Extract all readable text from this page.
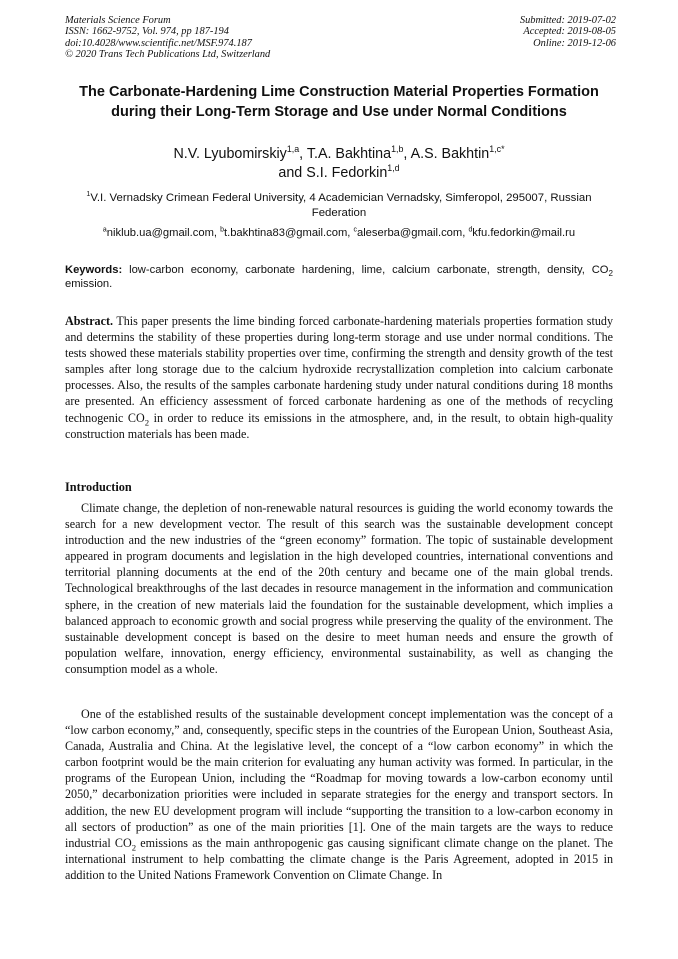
Materials Science Forum
ISSN: 1662-9752, Vol. 974, pp 187-194
doi:10.4028/www.scientific.net/MSF.974.187
© 2020 Trans Tech Publications Ltd, Switzerland
Submitted: 2019-07-02
Accepted: 2019-08-05
Online: 2019-12-06
The Carbonate-Hardening Lime Construction Material Properties Formation during their Long-Term Storage and Use under Normal Conditions
N.V. Lyubomirskiy$^{1,a}$, T.A. Bakhtina$^{1,b}$, A.S. Bakhtin$^{1,c*}$
and S.I. Fedorkin$^{1,d}$
$^1$V.I. Vernadsky Crimean Federal University, 4 Academician Vernadsky, Simferopol, 295007, Russian Federation
$^a$niklub.ua@gmail.com, $^b$t.bakhtina83@gmail.com, $^c$aleserba@gmail.com, $^d$kfu.fedorkin@mail.ru

Keywords: low-carbon economy, carbonate hardening, lime, calcium carbonate, strength, density, $CO_2$ emission.

Abstract. This paper presents the lime binding forced carbonate-hardening materials properties formation study and determins the stability of these properties during long-term storage and use under normal conditions. The tests showed these materials stability properties over time, confirming the strength and density growth of the test samples after long storage due to the calcium hydroxide recrystallization completion into calcium carbonate processes. Also, the results of the samples carbonate hardening study under natural conditions during 18 months are presented. An efficiency assessment of forced carbonate hardening as one of the methods of recycling technogenic $CO_2$ in order to reduce its emissions in the atmosphere, and, in the result, to obtain high-quality construction materials has been made.

Introduction

Climate change, the depletion of non-renewable natural resources is guiding the world economy towards the search for a new development vector. The result of this search was the sustainable development concept introduction and the new industries of the “green economy” formation. The topic of sustainable development appeared in program documents and legislation in the high developed countries, international conventions and territorial planning documents at the end of the 20th century and became one of the main global trends. Technological breakthroughs of the last decades in resource management in the information and communication sphere, in the creation of new materials laid the foundation for the sustainable development, which implies a balanced approach to economic growth and social progress while preserving the quality of the environment. The sustainable development concept is based on the desire to meet human needs and ensure the growth of population welfare, innovation, energy efficiency, environmental sustainability, as well as changing the consumption model as a whole.

One of the established results of the sustainable development concept implementation was the concept of a “low carbon economy,” and, consequently, specific steps in the countries of the European Union, Southeast Asia, Canada, Australia and China. At the legislative level, the concept of a “low carbon economy” in which the carbon footprint would be the main criterion for evaluating any human activity was formed. In particular, in the programs of the European Union, including the “Roadmap for moving towards a low-carbon economy until 2050,” decarbonization priorities were included in separate strategies for the energy and transport sectors. In addition, the new EU development program will include “supporting the transition to a low-carbon economy in all sectors of production” as one of the main priorities [1]. One of the main targets are the ways to reduce industrial $CO_2$ emissions as the main anthropogenic gas causing significant climate change on the planet. The international instrument to help combatting the climate change is the Paris Agreement, adopted in 2015 in addition to the United Nations Framework Convention on Climate Change. In
